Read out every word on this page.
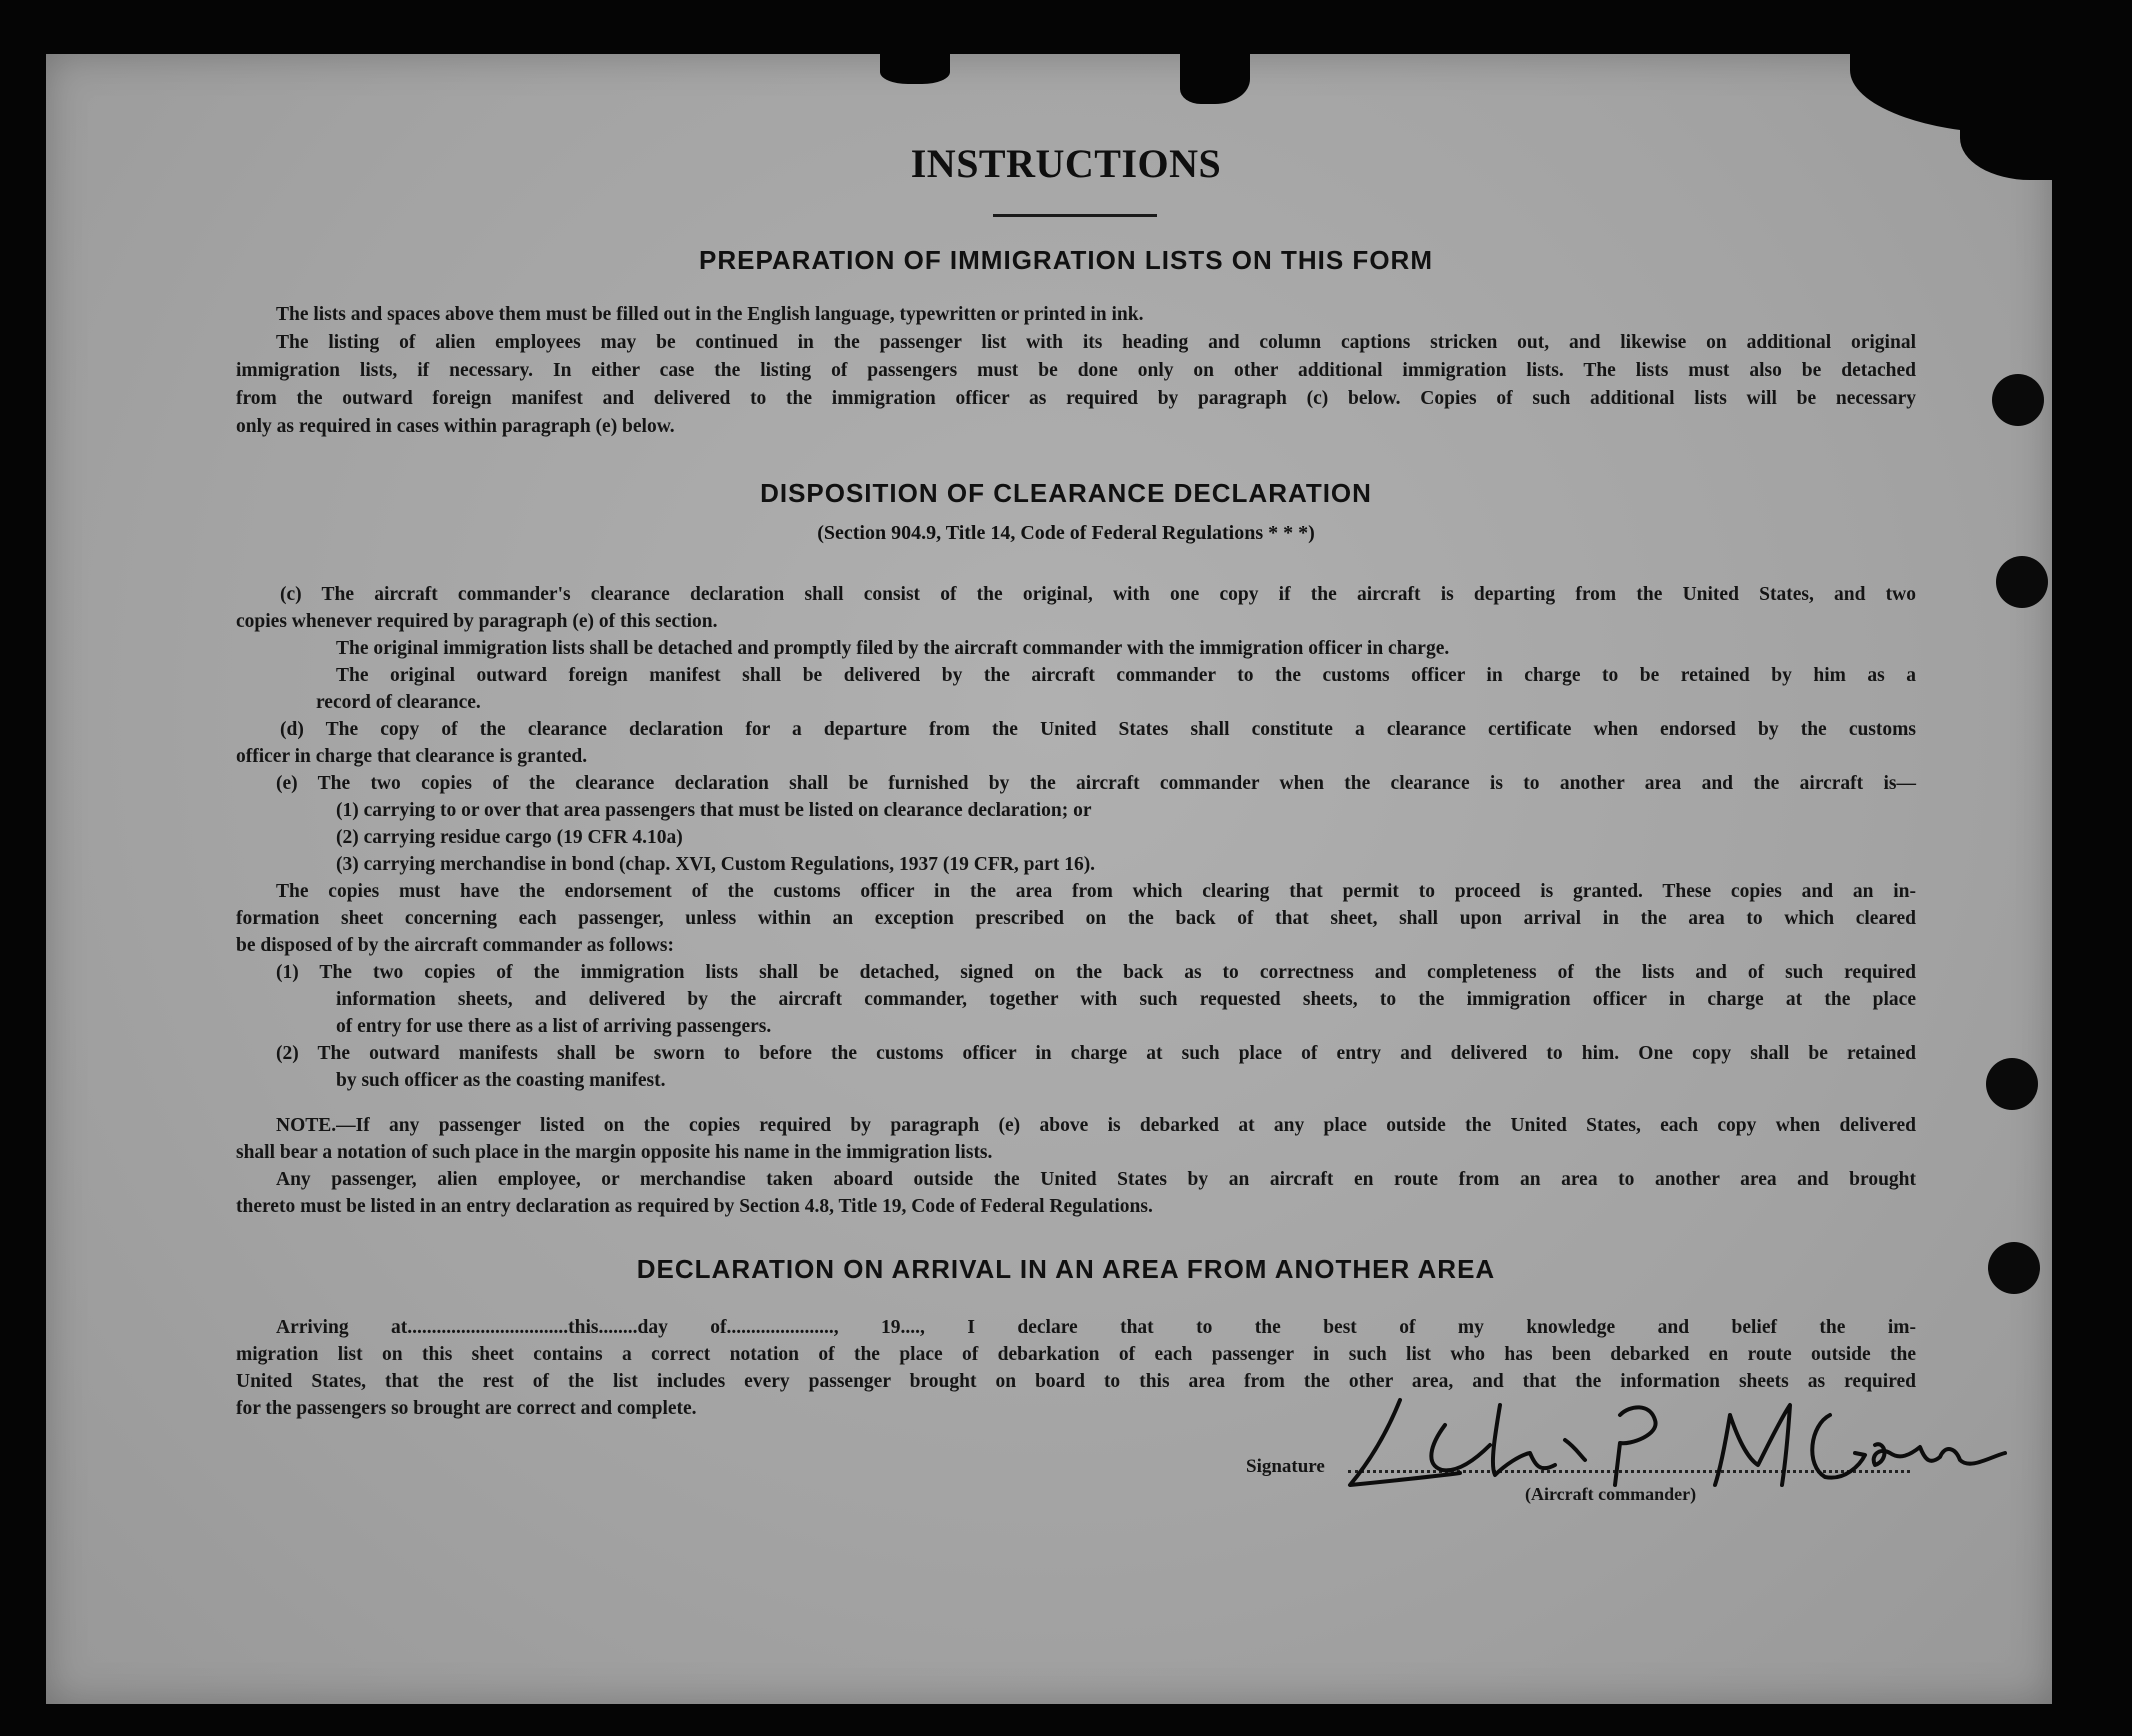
INSTRUCTIONS
PREPARATION OF IMMIGRATION LISTS ON THIS FORM
The lists and spaces above them must be filled out in the English language, typewritten or printed in ink.
The listing of alien employees may be continued in the passenger list with its heading and column captions stricken out, and likewise on additional original
immigration lists, if necessary. In either case the listing of passengers must be done only on other additional immigration lists. The lists must also be detached
from the outward foreign manifest and delivered to the immigration officer as required by paragraph (c) below. Copies of such additional lists will be necessary
only as required in cases within paragraph (e) below.
DISPOSITION OF CLEARANCE DECLARATION
(Section 904.9, Title 14, Code of Federal Regulations * * *)
(c) The aircraft commander's clearance declaration shall consist of the original, with one copy if the aircraft is departing from the United States, and two
copies whenever required by paragraph (e) of this section.
The original immigration lists shall be detached and promptly filed by the aircraft commander with the immigration officer in charge.
The original outward foreign manifest shall be delivered by the aircraft commander to the customs officer in charge to be retained by him as a
record of clearance.
(d) The copy of the clearance declaration for a departure from the United States shall constitute a clearance certificate when endorsed by the customs
officer in charge that clearance is granted.
(e) The two copies of the clearance declaration shall be furnished by the aircraft commander when the clearance is to another area and the aircraft is—
(1) carrying to or over that area passengers that must be listed on clearance declaration; or
(2) carrying residue cargo (19 CFR 4.10a)
(3) carrying merchandise in bond (chap. XVI, Custom Regulations, 1937 (19 CFR, part 16).
The copies must have the endorsement of the customs officer in the area from which clearing that permit to proceed is granted. These copies and an in-
formation sheet concerning each passenger, unless within an exception prescribed on the back of that sheet, shall upon arrival in the area to which cleared
be disposed of by the aircraft commander as follows:
(1) The two copies of the immigration lists shall be detached, signed on the back as to correctness and completeness of the lists and of such required
information sheets, and delivered by the aircraft commander, together with such requested sheets, to the immigration officer in charge at the place
of entry for use there as a list of arriving passengers.
(2) The outward manifests shall be sworn to before the customs officer in charge at such place of entry and delivered to him. One copy shall be retained
by such officer as the coasting manifest.
NOTE.—If any passenger listed on the copies required by paragraph (e) above is debarked at any place outside the United States, each copy when delivered
shall bear a notation of such place in the margin opposite his name in the immigration lists.
Any passenger, alien employee, or merchandise taken aboard outside the United States by an aircraft en route from an area to another area and brought
thereto must be listed in an entry declaration as required by Section 4.8, Title 19, Code of Federal Regulations.
DECLARATION ON ARRIVAL IN AN AREA FROM ANOTHER AREA
Arriving at.................................this........day of......................, 19...., I declare that to the best of my knowledge and belief the im-
migration list on this sheet contains a correct notation of the place of debarkation of each passenger in such list who has been debarked en route outside the
United States, that the rest of the list includes every passenger brought on board to this area from the other area, and that the information sheets as required
for the passengers so brought are correct and complete.
Signature
(Aircraft commander)
